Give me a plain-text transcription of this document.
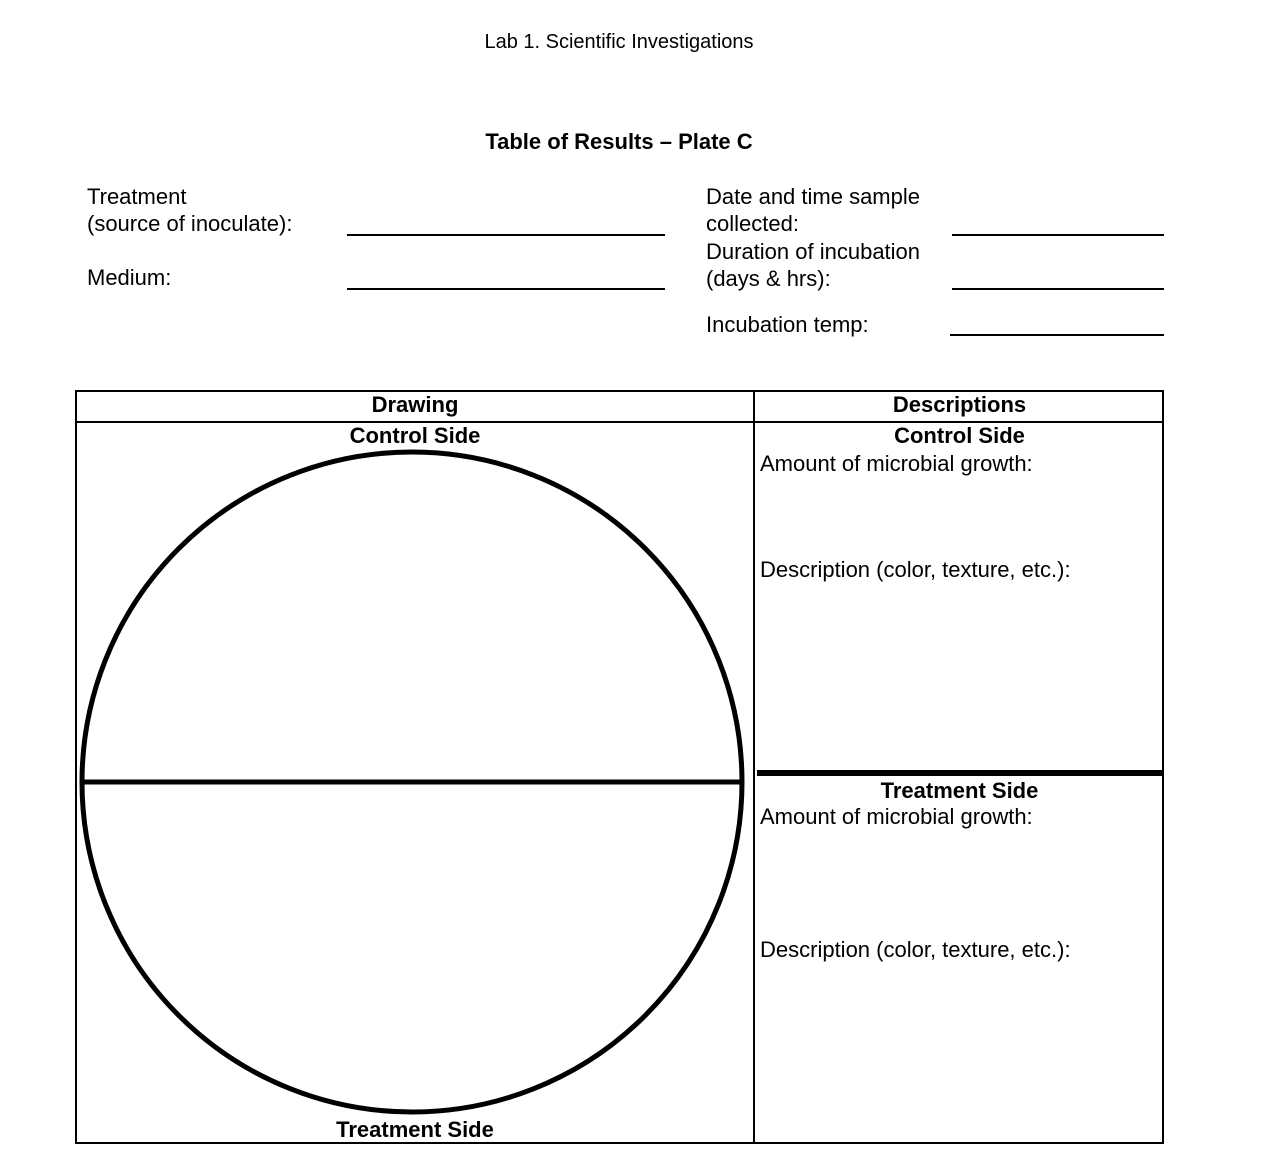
Lab 1. Scientific Investigations
Table of Results – Plate C
Treatment
(source of inoculate):
Medium:
Date and time sample
collected:
Duration of incubation
(days & hrs):
Incubation temp:
Drawing
Control Side
Treatment Side
Descriptions
Control Side
Amount of microbial growth:
Description (color, texture, etc.):
Treatment Side
Amount of microbial growth:
Description (color, texture, etc.):
